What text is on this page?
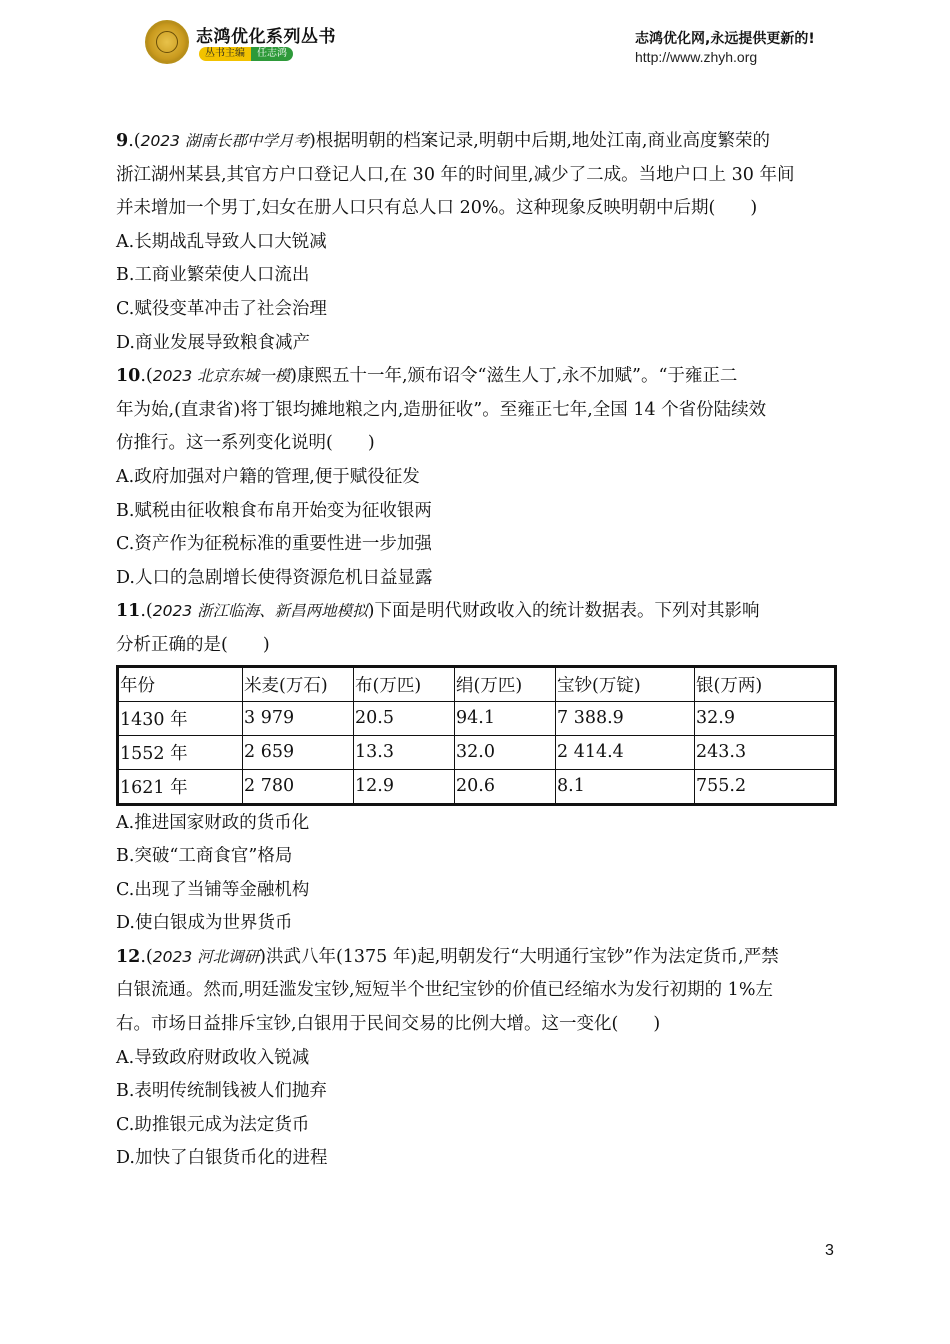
志鸿优化系列丛书
丛书主编	任志鸿
志鸿优化网,永远提供更新的!
http://www.zhyh.org
9.(2023 湖南长郡中学月考)根据明朝的档案记录,明朝中后期,地处江南,商业高度繁荣的
浙江湖州某县,其官方户口登记人口,在 30 年的时间里,减少了二成。当地户口上 30 年间
并未增加一个男丁,妇女在册人口只有总人口 20%。这种现象反映明朝中后期(　　)
A.长期战乱导致人口大锐减
B.工商业繁荣使人口流出
C.赋役变革冲击了社会治理
D.商业发展导致粮食减产
10.(2023 北京东城一模)康熙五十一年,颁布诏令“滋生人丁,永不加赋”。“于雍正二
年为始,(直隶省)将丁银均摊地粮之内,造册征收”。至雍正七年,全国 14 个省份陆续效
仿推行。这一系列变化说明(　　)
A.政府加强对户籍的管理,便于赋役征发
B.赋税由征收粮食布帛开始变为征收银两
C.资产作为征税标准的重要性进一步加强
D.人口的急剧增长使得资源危机日益显露
11.(2023 浙江临海、新昌两地模拟)下面是明代财政收入的统计数据表。下列对其影响
分析正确的是(　　)
年份	米麦(万石)	布(万匹)	绢(万匹)	宝钞(万锭)	银(万两)
1430 年	3 979	20.5	94.1	7 388.9	32.9
1552 年	2 659	13.3	32.0	2 414.4	243.3
1621 年	2 780	12.9	20.6	8.1	755.2
A.推进国家财政的货币化
B.突破“工商食官”格局
C.出现了当铺等金融机构
D.使白银成为世界货币
12.(2023 河北调研)洪武八年(1375 年)起,明朝发行“大明通行宝钞”作为法定货币,严禁
白银流通。然而,明廷滥发宝钞,短短半个世纪宝钞的价值已经缩水为发行初期的 1%左
右。市场日益排斥宝钞,白银用于民间交易的比例大增。这一变化(　　)
A.导致政府财政收入锐减
B.表明传统制钱被人们抛弃
C.助推银元成为法定货币
D.加快了白银货币化的进程
3
